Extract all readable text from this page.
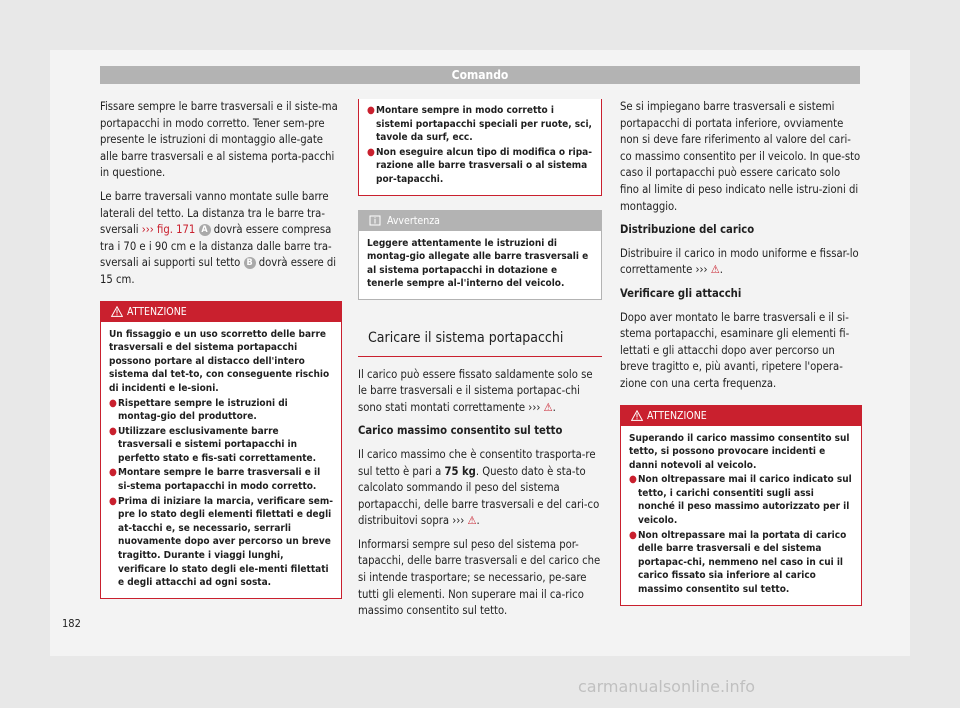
Comando

Fissare sempre le barre trasversali e il siste-ma portapacchi in modo corretto. Tener sem-pre presente le istruzioni di montaggio alle-gate alle barre trasversali e al sistema porta-pacchi in questione.

Le barre traversali vanno montate sulle barre laterali del tetto. La distanza tra le barre tra-sversali ››› fig. 171 A dovrà essere compresa tra i 70 e i 90 cm e la distanza dalle barre tra-sversali ai supporti sul tetto B dovrà essere di 15 cm.

ATTENZIONE
Un fissaggio e un uso scorretto delle barre trasversali e del sistema portapacchi possono portare al distacco dell'intero sistema dal tet-to, con conseguente rischio di incidenti e le-sioni.
● Rispettare sempre le istruzioni di montag-gio del produttore.
● Utilizzare esclusivamente barre trasversali e sistemi portapacchi in perfetto stato e fis-sati correttamente.
● Montare sempre le barre trasversali e il si-stema portapacchi in modo corretto.
● Prima di iniziare la marcia, verificare sem-pre lo stato degli elementi filettati e degli at-tacchi e, se necessario, serrarli nuovamente dopo aver percorso un breve tragitto. Durante i viaggi lunghi, verificare lo stato degli ele-menti filettati e degli attacchi ad ogni sosta.
● Montare sempre in modo corretto i sistemi portapacchi speciali per ruote, sci, tavole da surf, ecc.
● Non eseguire alcun tipo di modifica o ripa-razione alle barre trasversali o al sistema por-tapacchi.
Avvertenza
Leggere attentamente le istruzioni di montag-gio allegate alle barre trasversali e al sistema portapacchi in dotazione e tenerle sempre al-l'interno del veicolo.
Caricare il sistema portapacchi

Il carico può essere fissato saldamente solo se le barre trasversali e il sistema portapac-chi sono stati montati correttamente ››› ⚠.

Carico massimo consentito sul tetto

Il carico massimo che è consentito trasporta-re sul tetto è pari a 75 kg. Questo dato è sta-to calcolato sommando il peso del sistema portapacchi, delle barre trasversali e del cari-co distribuitovi sopra ››› ⚠.

Informarsi sempre sul peso del sistema por-tapacchi, delle barre trasversali e del carico che si intende trasportare; se necessario, pe-sare tutti gli elementi. Non superare mai il ca-rico massimo consentito sul tetto.

Se si impiegano barre trasversali e sistemi portapacchi di portata inferiore, ovviamente non si deve fare riferimento al valore del cari-co massimo consentito per il veicolo. In que-sto caso il portapacchi può essere caricato solo fino al limite di peso indicato nelle istru-zioni di montaggio.

Distribuzione del carico

Distribuire il carico in modo uniforme e fissar-lo correttamente ››› ⚠.

Verificare gli attacchi

Dopo aver montato le barre trasversali e il si-stema portapacchi, esaminare gli elementi fi-lettati e gli attacchi dopo aver percorso un breve tragitto e, più avanti, ripetere l'opera-zione con una certa frequenza.

ATTENZIONE
Superando il carico massimo consentito sul tetto, si possono provocare incidenti e danni notevoli al veicolo.
● Non oltrepassare mai il carico indicato sul tetto, i carichi consentiti sugli assi nonché il peso massimo autorizzato per il veicolo.
● Non oltrepassare mai la portata di carico delle barre trasversali e del sistema portapac-chi, nemmeno nel caso in cui il carico fissato sia inferiore al carico massimo consentito sul tetto.
182
carmanualsonline.info
